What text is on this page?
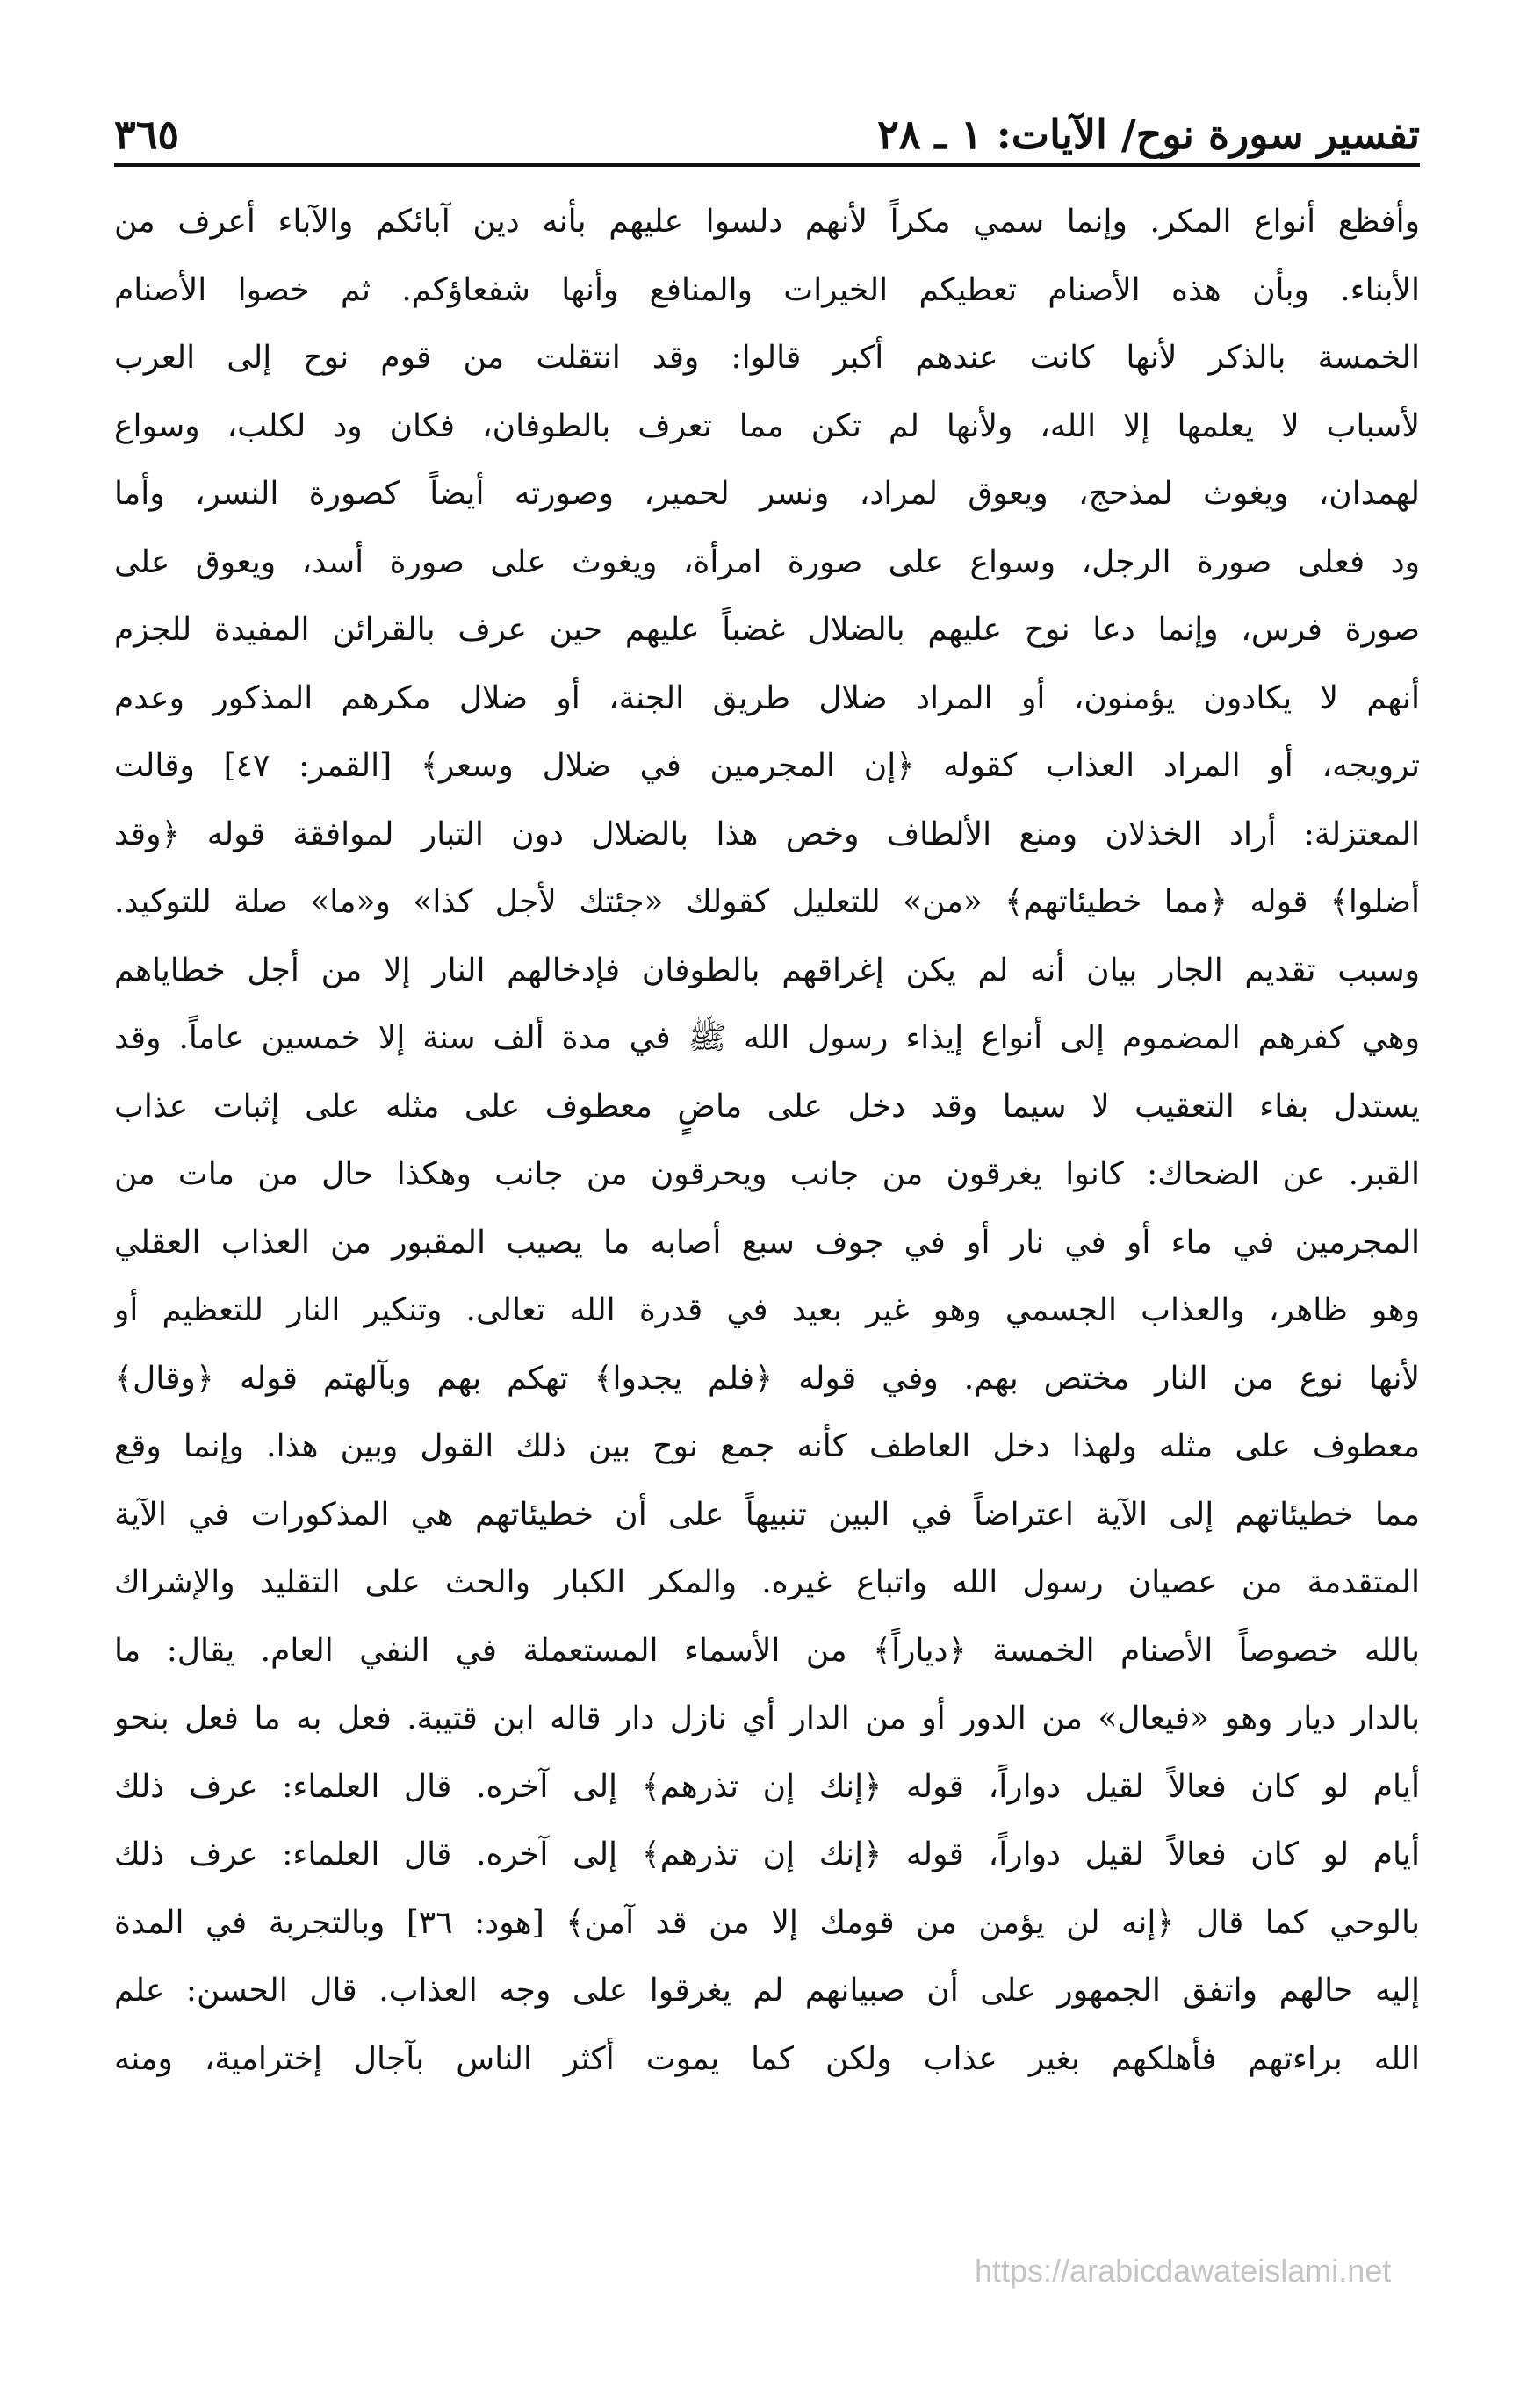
تفسير سورة نوح/ الآيات: ١ ـ ٢٨
٣٦٥
وأفظع أنواع المكر. وإنما سمي مكراً لأنهم دلسوا عليهم بأنه دين آبائكم والآباء أعرف من
الأبناء. وبأن هذه الأصنام تعطيكم الخيرات والمنافع وأنها شفعاؤكم. ثم خصوا الأصنام
الخمسة بالذكر لأنها كانت عندهم أكبر قالوا: وقد انتقلت من قوم نوح إلى العرب
لأسباب لا يعلمها إلا الله، ولأنها لم تكن مما تعرف بالطوفان، فكان ود لكلب، وسواع
لهمدان، ويغوث لمذحج، ويعوق لمراد، ونسر لحمير، وصورته أيضاً كصورة النسر، وأما
ود فعلى صورة الرجل، وسواع على صورة امرأة، ويغوث على صورة أسد، ويعوق على
صورة فرس، وإنما دعا نوح عليهم بالضلال غضباً عليهم حين عرف بالقرائن المفيدة للجزم
أنهم لا يكادون يؤمنون، أو المراد ضلال طريق الجنة، أو ضلال مكرهم المذكور وعدم
ترويجه، أو المراد العذاب كقوله ﴿إن المجرمين في ضلال وسعر﴾ [القمر: ٤٧] وقالت
المعتزلة: أراد الخذلان ومنع الألطاف وخص هذا بالضلال دون التبار لموافقة قوله ﴿وقد
أضلوا﴾ قوله ﴿مما خطيئاتهم﴾ «من» للتعليل كقولك «جئتك لأجل كذا» و«ما» صلة للتوكيد.
وسبب تقديم الجار بيان أنه لم يكن إغراقهم بالطوفان فإدخالهم النار إلا من أجل خطاياهم
وهي كفرهم المضموم إلى أنواع إيذاء رسول الله ﷺ في مدة ألف سنة إلا خمسين عاماً. وقد
يستدل بفاء التعقيب لا سيما وقد دخل على ماضٍ معطوف على مثله على إثبات عذاب
القبر. عن الضحاك: كانوا يغرقون من جانب ويحرقون من جانب وهكذا حال من مات من
المجرمين في ماء أو في نار أو في جوف سبع أصابه ما يصيب المقبور من العذاب العقلي
وهو ظاهر، والعذاب الجسمي وهو غير بعيد في قدرة الله تعالى. وتنكير النار للتعظيم أو
لأنها نوع من النار مختص بهم. وفي قوله ﴿فلم يجدوا﴾ تهكم بهم وبآلهتم قوله ﴿وقال﴾
معطوف على مثله ولهذا دخل العاطف كأنه جمع نوح بين ذلك القول وبين هذا. وإنما وقع
مما خطيئاتهم إلى الآية اعتراضاً في البين تنبيهاً على أن خطيئاتهم هي المذكورات في الآية
المتقدمة من عصيان رسول الله واتباع غيره. والمكر الكبار والحث على التقليد والإشراك
بالله خصوصاً الأصنام الخمسة ﴿دياراً﴾ من الأسماء المستعملة في النفي العام. يقال: ما
بالدار ديار وهو «فيعال» من الدور أو من الدار أي نازل دار قاله ابن قتيبة. فعل به ما فعل بنحو
أيام لو كان فعالاً لقيل دواراً، قوله ﴿إنك إن تذرهم﴾ إلى آخره. قال العلماء: عرف ذلك
أيام لو كان فعالاً لقيل دواراً، قوله ﴿إنك إن تذرهم﴾ إلى آخره. قال العلماء: عرف ذلك
بالوحي كما قال ﴿إنه لن يؤمن من قومك إلا من قد آمن﴾ [هود: ٣٦] وبالتجربة في المدة
إليه حالهم واتفق الجمهور على أن صبيانهم لم يغرقوا على وجه العذاب. قال الحسن: علم
الله براءتهم فأهلكهم بغير عذاب ولكن كما يموت أكثر الناس بآجال إخترامية، ومنه
https://arabicdawateislami.net
